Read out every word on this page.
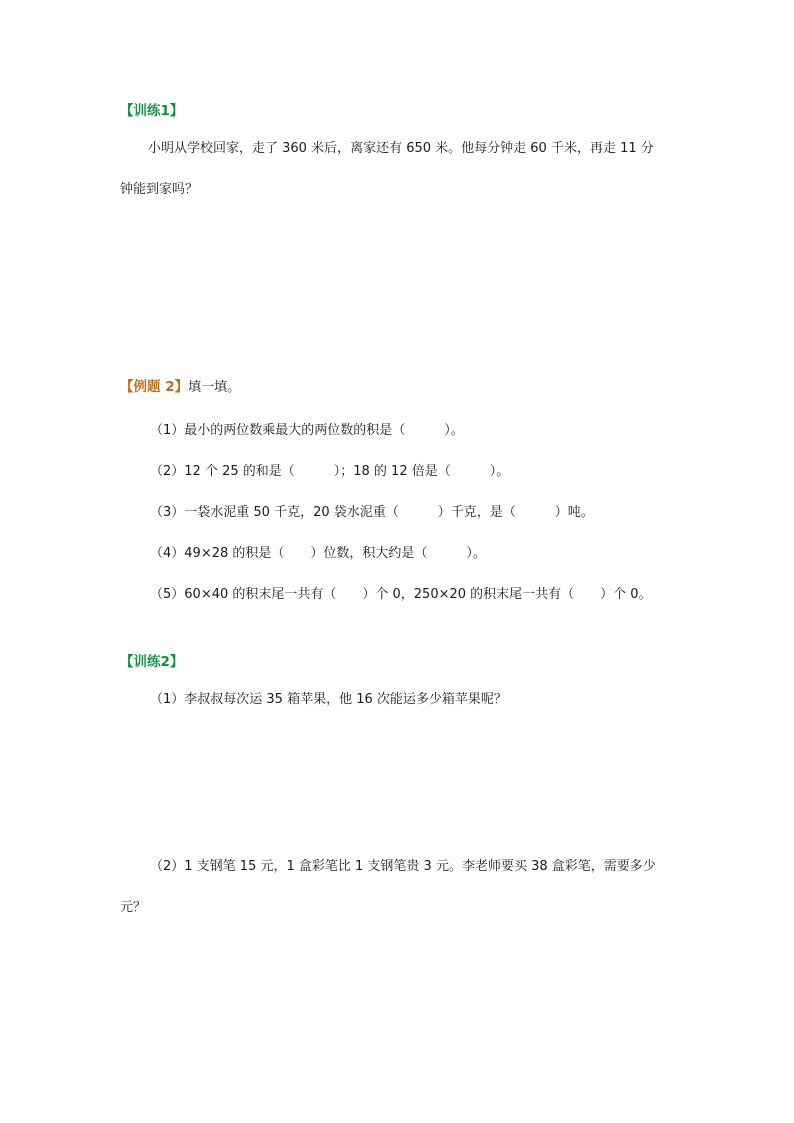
【训练1】
小明从学校回家，走了 360 米后，离家还有 650 米。他每分钟走 60 千米，再走 11 分
钟能到家吗？
【例题 2】填一填。
（1）最小的两位数乘最大的两位数的积是（　　　）。
（2）12 个 25 的和是（　　　）；18 的 12 倍是（　　　）。
（3）一袋水泥重 50 千克，20 袋水泥重（　　　）千克，是（　　　）吨。
（4）49×28 的积是（　　）位数，积大约是（　　　）。
（5）60×40 的积末尾一共有（　　）个 0，250×20 的积末尾一共有（　　）个 0。
【训练2】
（1）李叔叔每次运 35 箱苹果，他 16 次能运多少箱苹果呢？
（2）1 支钢笔 15 元，1 盒彩笔比 1 支钢笔贵 3 元。李老师要买 38 盒彩笔，需要多少
元？
